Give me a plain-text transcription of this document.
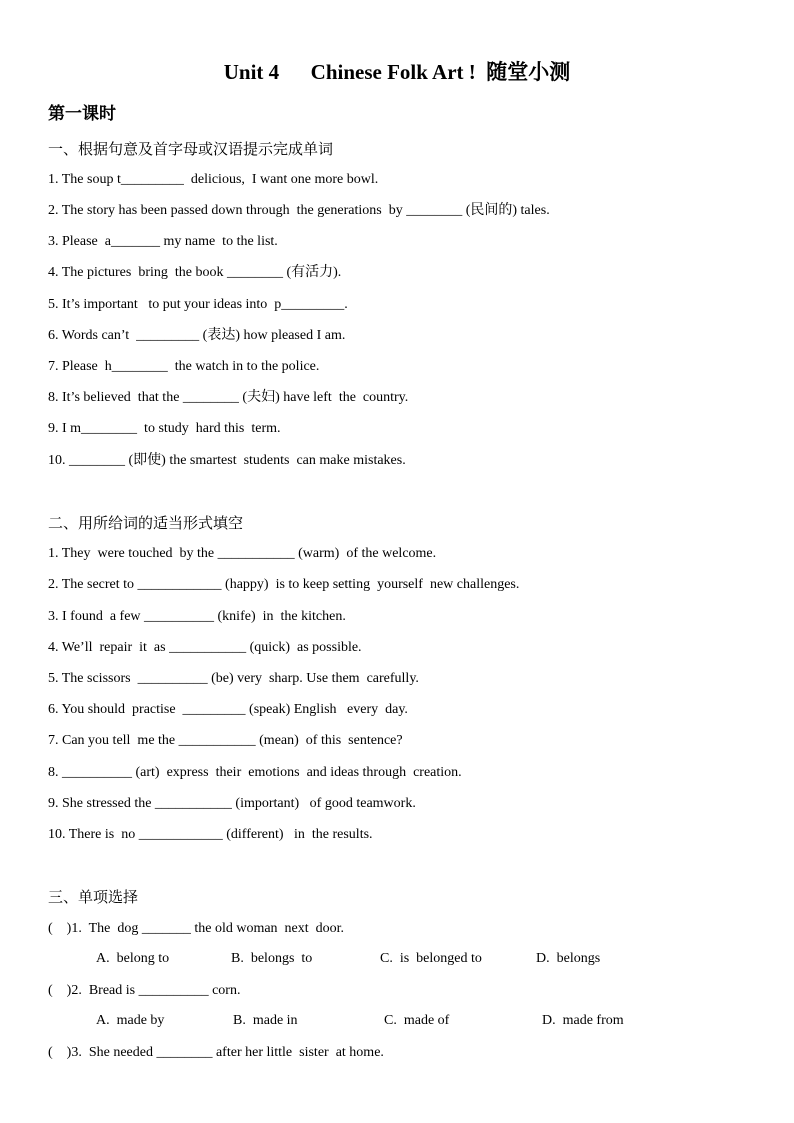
Unit 4      Chinese Folk Art !  随堂小测
第一课时
一、根据句意及首字母或汉语提示完成单词
1. The soup t_________  delicious,  I want one more bowl.
2. The story has been passed down through  the generations  by ________ (民间的) tales.
3. Please  a_______ my name  to the list.
4. The pictures  bring  the book ________ (有活力).
5. It’s important   to put your ideas into  p_________.
6. Words can’t  _________ (表达) how pleased I am.
7. Please  h________  the watch in to the police.
8. It’s believed  that the ________ (夫妇) have left  the  country.
9. I m________  to study  hard this  term.
10. ________ (即使) the smartest  students  can make mistakes.
二、用所给词的适当形式填空
1. They  were touched  by the ___________ (warm)  of the welcome.
2. The secret to ____________ (happy)  is to keep setting  yourself  new challenges.
3. I found  a few __________ (knife)  in  the kitchen.
4. We’ll  repair  it  as ___________ (quick)  as possible.
5. The scissors  __________ (be) very  sharp. Use them  carefully.
6. You should  practise  _________ (speak) English   every  day.
7. Can you tell  me the ___________ (mean)  of this  sentence?
8. __________ (art)  express  their  emotions  and ideas through  creation.
9. She stressed the ___________ (important)   of good teamwork.
10. There is  no ____________ (different)   in  the results.
三、单项选择
(    )1.  The  dog _______ the old woman  next  door.
A.  belong to	B.  belongs  to	C.  is  belonged to	D.  belongs
(    )2.  Bread is __________ corn.
A.  made by	B.  made in	C.  made of	D.  made from
(    )3.  She needed ________ after her little  sister  at home.
